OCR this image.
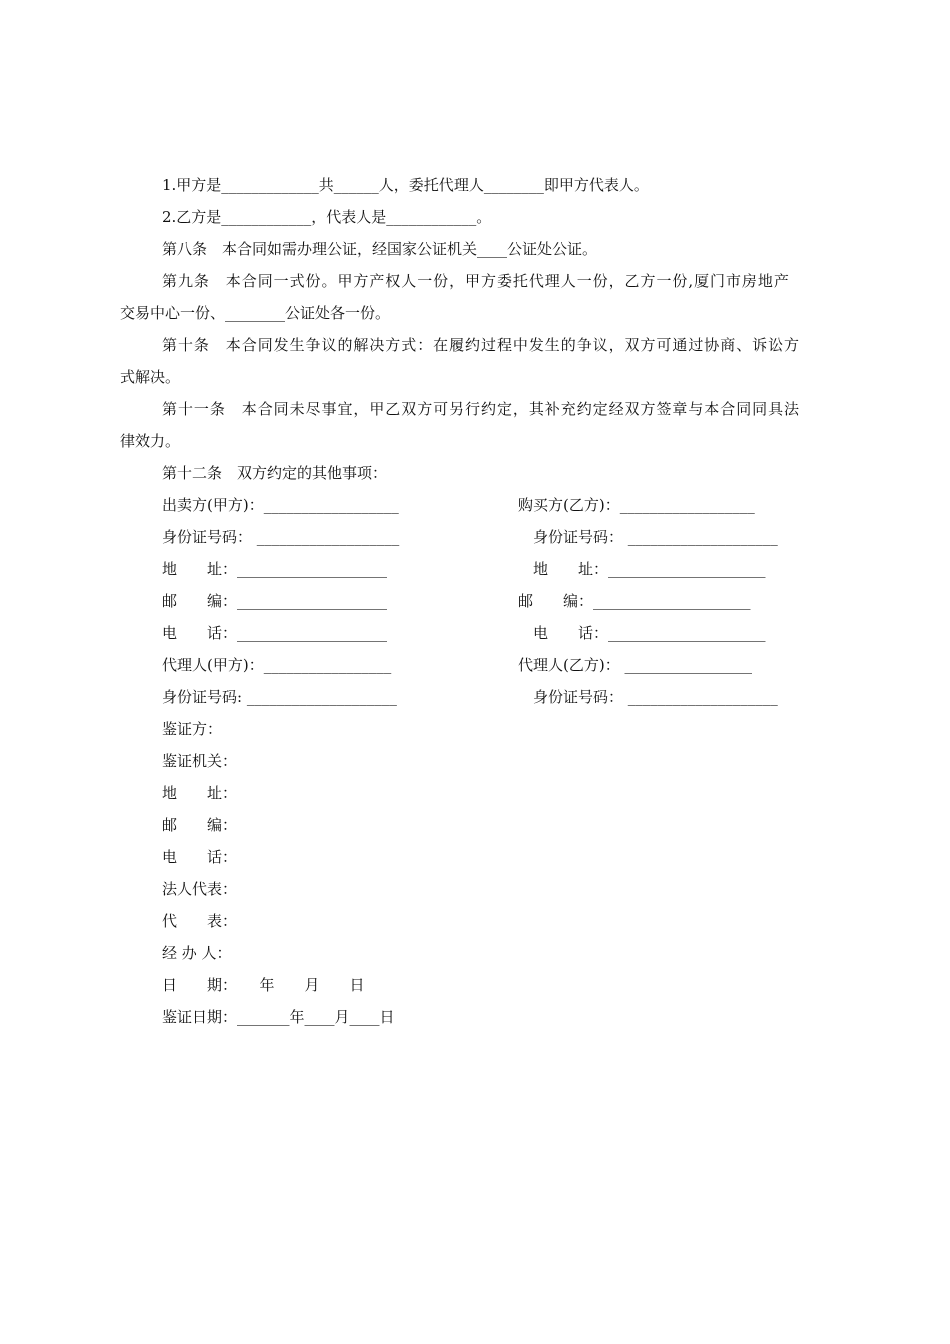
1.甲方是_____________共______人，委托代理人________即甲方代表人。
2.乙方是____________，代表人是____________。
第八条　本合同如需办理公证，经国家公证机关____公证处公证。
第九条　本合同一式份。甲方产权人一份，甲方委托代理人一份，乙方一份,厦门市房地产
交易中心一份、________公证处各一份。
第十条　本合同发生争议的解决方式：在履约过程中发生的争议，双方可通过协商、诉讼方
式解决。
第十一条　本合同未尽事宜，甲乙双方可另行约定，其补充约定经双方签章与本合同同具法
律效力。
第十二条　双方约定的其他事项：
出卖方(甲方)：__________________
身份证号码： ___________________
地　　址：____________________
邮　　编：____________________
电　　话：____________________
代理人(甲方)：_________________
身份证号码: ____________________
购买方(乙方)：__________________
　身份证号码： ____________________
　地　　址：_____________________
邮　　编：_____________________
　电　　话：_____________________
代理人(乙方)： _________________
　身份证号码： ____________________
鉴证方：
鉴证机关：
地　　址：
邮　　编：
电　　话：
法人代表：
代　　表：
经 办 人：
日　　期：　　年　　月　　日
鉴证日期：_______年____月____日
